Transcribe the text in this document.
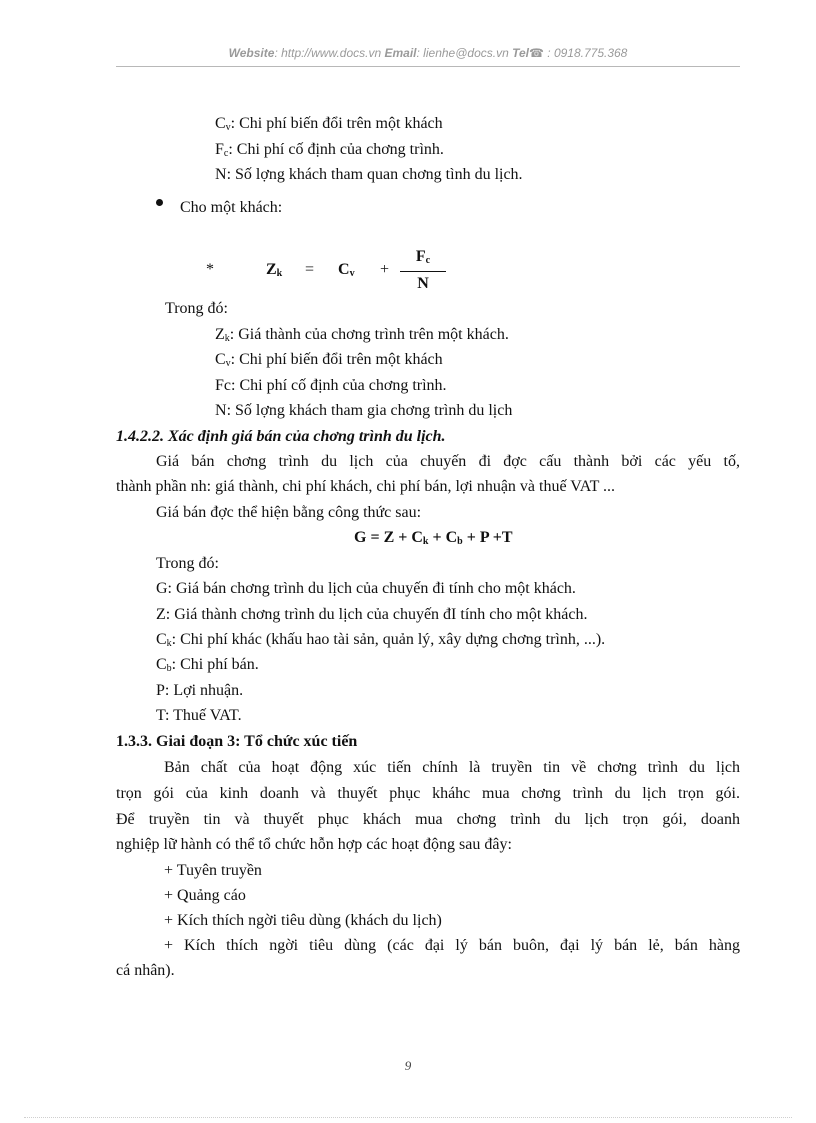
Website: http://www.docs.vn Email: lienhe@docs.vn Tel☎ : 0918.775.368
$C_v$: Chi phí biến đổi trên một khách
$F_c$: Chi phí cố định của chơng trình.
N: Số lợng khách tham quan chơng tình du lịch.
Cho một khách:
*	$Z_k = C_v$ +
$F_c$
N
Trong đó:
$Z_k$: Giá thành của chơng trình trên một khách.
$C_v$: Chi phí biến đổi trên một khách
Fc: Chi phí cố định của chơng trình.
N: Số lợng khách tham gia chơng trình du lịch
1.4.2.2. Xác định giá bán của chơng trình du lịch.
Giá bán chơng trình du lịch của chuyến đi đợc cấu thành bởi các yếu tố,
thành phần nh: giá thành, chi phí khách, chi phí bán, lợi nhuận và thuế VAT ...
Giá bán đợc thể hiện bằng công thức sau:
$G = Z + C_k + C_b + P +T$
Trong đó:
G: Giá bán chơng trình du lịch của chuyến đi tính cho một khách.
Z: Giá thành chơng trình du lịch của chuyến đI tính cho một khách.
$C_k$: Chi phí khác (khấu hao tài sản, quản lý, xây dựng chơng trình, ...).
$C_b$: Chi phí bán.
P: Lợi nhuận.
T: Thuế VAT.
1.3.3. Giai đoạn 3: Tổ chức xúc tiến
Bản chất của hoạt động xúc tiến chính là truyền tin về chơng trình du lịch
trọn gói của kinh doanh và thuyết phục kháhc mua chơng trình du lịch trọn gói.
Để truyền tin và thuyết phục khách mua chơng trình du lịch trọn gói, doanh
nghiệp lữ hành có thể tổ chức hỗn hợp các hoạt động sau đây:
+ Tuyên truyền
+ Quảng cáo
+ Kích thích ngời tiêu dùng (khách du lịch)
+ Kích thích ngời tiêu dùng (các đại lý bán buôn, đại lý bán lẻ, bán hàng
cá nhân).
9
